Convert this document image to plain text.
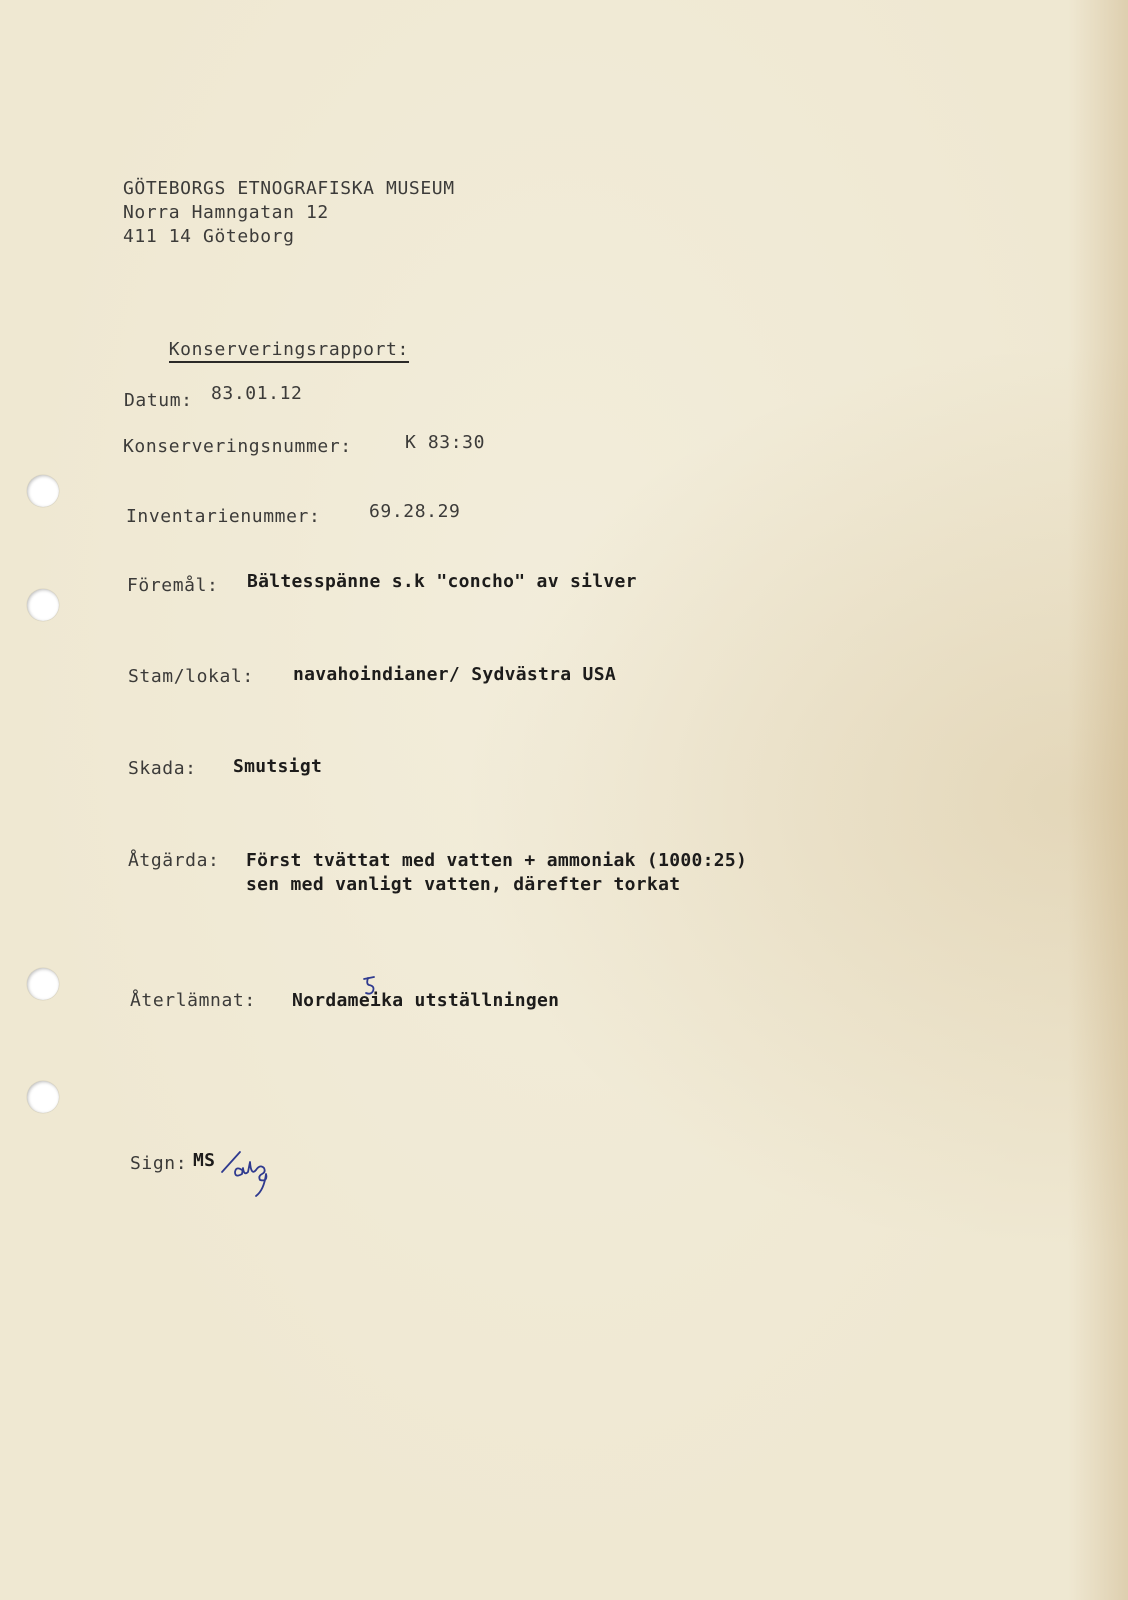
GÖTEBORGS ETNOGRAFISKA MUSEUM
Norra Hamngatan 12
411 14 Göteborg

Konserveringsrapport:

Datum: 83.01.12
Konserveringsnummer:	K 83:30
Inventarienummer:	69.28.29
Föremål: Bältesspänne s.k "concho" av silver
Stam/lokal: navahoindianer/ Sydvästra USA
Skada: Smutsigt
Åtgärda: Först tvättat med vatten + ammoniak (1000:25)
sen med vanligt vatten, därefter torkat
Återlämnat: Nordameika utställningen
Sign: MS
